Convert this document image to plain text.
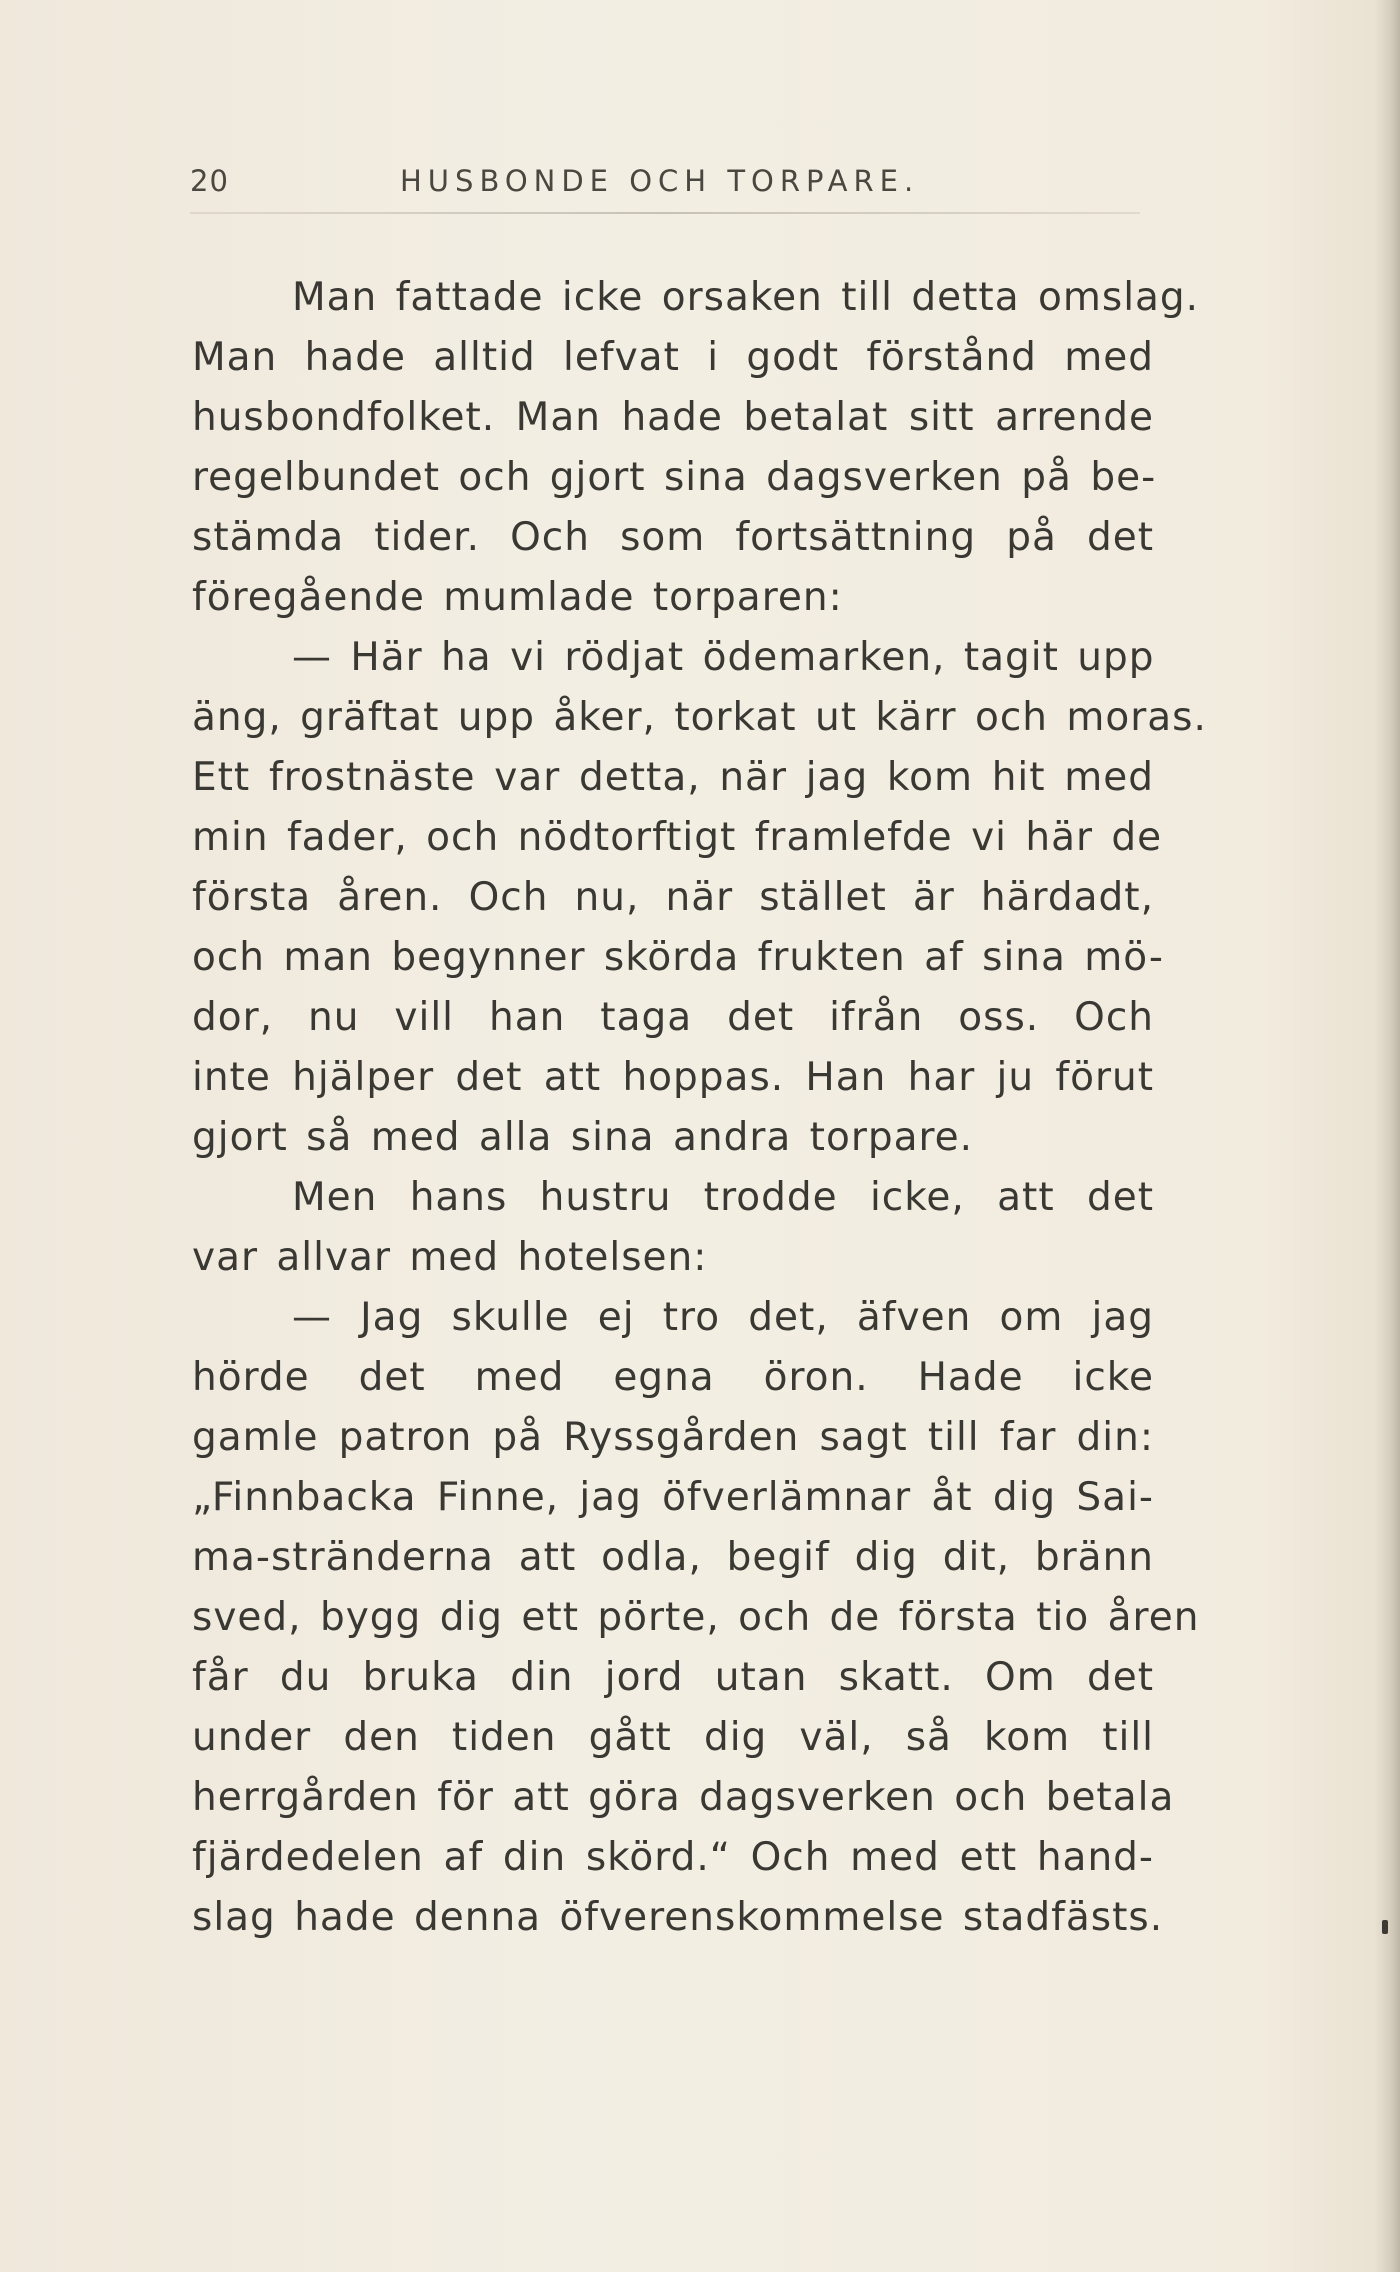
20	HUSBONDE OCH TORPARE.
Man fattade icke orsaken till detta omslag.
Man hade alltid lefvat i godt förstånd med
husbondfolket. Man hade betalat sitt arrende
regelbundet och gjort sina dagsverken på be-
stämda tider. Och som fortsättning på det
föregående mumlade torparen:
— Här ha vi rödjat ödemarken, tagit upp
äng, gräftat upp åker, torkat ut kärr och moras.
Ett frostnäste var detta, när jag kom hit med
min fader, och nödtorftigt framlefde vi här de
första åren. Och nu, när stället är härdadt,
och man begynner skörda frukten af sina mö-
dor, nu vill han taga det ifrån oss. Och
inte hjälper det att hoppas. Han har ju förut
gjort så med alla sina andra torpare.
Men hans hustru trodde icke, att det
var allvar med hotelsen:
— Jag skulle ej tro det, äfven om jag
hörde det med egna öron. Hade icke
gamle patron på Ryssgården sagt till far din:
„Finnbacka Finne, jag öfverlämnar åt dig Sai-
ma-stränderna att odla, begif dig dit, bränn
sved, bygg dig ett pörte, och de första tio åren
får du bruka din jord utan skatt. Om det
under den tiden gått dig väl, så kom till
herrgården för att göra dagsverken och betala
fjärdedelen af din skörd.“ Och med ett hand-
slag hade denna öfverenskommelse stadfästs.
